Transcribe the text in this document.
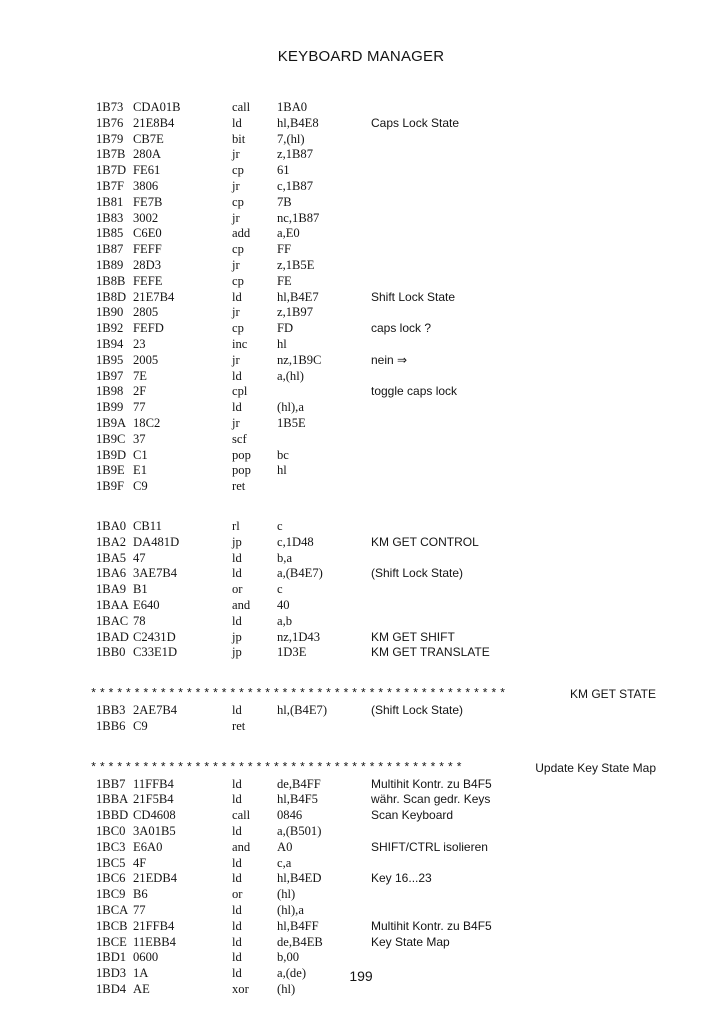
KEYBOARD MANAGER
1B73 CDA01B	call 1BA0
1B76 21E8B4	ld	hl,B4E8	Caps Lock State
1B79 CB7E	bit	7,(hl)
1B7B 280A	jr	z,1B87
1B7D FE61	cp	61
1B7F 3806	jr	c,1B87
1B81 FE7B	cp	7B
1B83 3002	jr	nc,1B87
1B85 C6E0	add a,E0
1B87 FEFF	cp	FF
1B89 28D3	jr	z,1B5E
1B8B FEFE	cp	FE
1B8D 21E7B4	ld	hl,B4E7	Shift Lock State
1B90 2805	jr	z,1B97
1B92 FEFD	cp	FD	caps lock ?
1B94 23	inc hl
1B95 2005	jr	nz,1B9C	nein ⇒
1B97 7E	ld	a,(hl)
1B98 2F	cpl	toggle caps lock
1B99 77	ld	(hl),a
1B9A 18C2	jr	1B5E
1B9C 37	scf
1B9D C1	pop bc
1B9E E1	pop hl
1B9F C9	ret
1BA0 CB11	rl	c
1BA2 DA481D	jp	c,1D48	KM GET CONTROL
1BA5 47	ld	b,a
1BA6 3AE7B4	ld	a,(B4E7)	(Shift Lock State)
1BA9 B1	or	c
1BAA E640	and 40
1BAC 78	ld	a,b
1BAD C2431D	jp	nz,1D43	KM GET SHIFT
1BB0 C33E1D	jp	1D3E	KM GET TRANSLATE
************************************************	KM GET STATE
1BB3 2AE7B4	ld	hl,(B4E7)	(Shift Lock State)
1BB6 C9	ret
*******************************************	Update Key State Map
1BB7 11FFB4	ld	de,B4FF	Multihit Kontr. zu B4F5
1BBA 21F5B4	ld	hl,B4F5	währ. Scan gedr. Keys
1BBD CD4608	call 0846	Scan Keyboard
1BC0 3A01B5	ld	a,(B501)
1BC3 E6A0	and A0	SHIFT/CTRL isolieren
1BC5 4F	ld	c,a
1BC6 21EDB4	ld	hl,B4ED	Key 16...23
1BC9 B6	or	(hl)
1BCA 77	ld	(hl),a
1BCB 21FFB4	ld	hl,B4FF	Multihit Kontr. zu B4F5
1BCE 11EBB4	ld	de,B4EB	Key State Map
1BD1 0600	ld	b,00
1BD3 1A	ld	a,(de)
1BD4 AE	xor (hl)
199
